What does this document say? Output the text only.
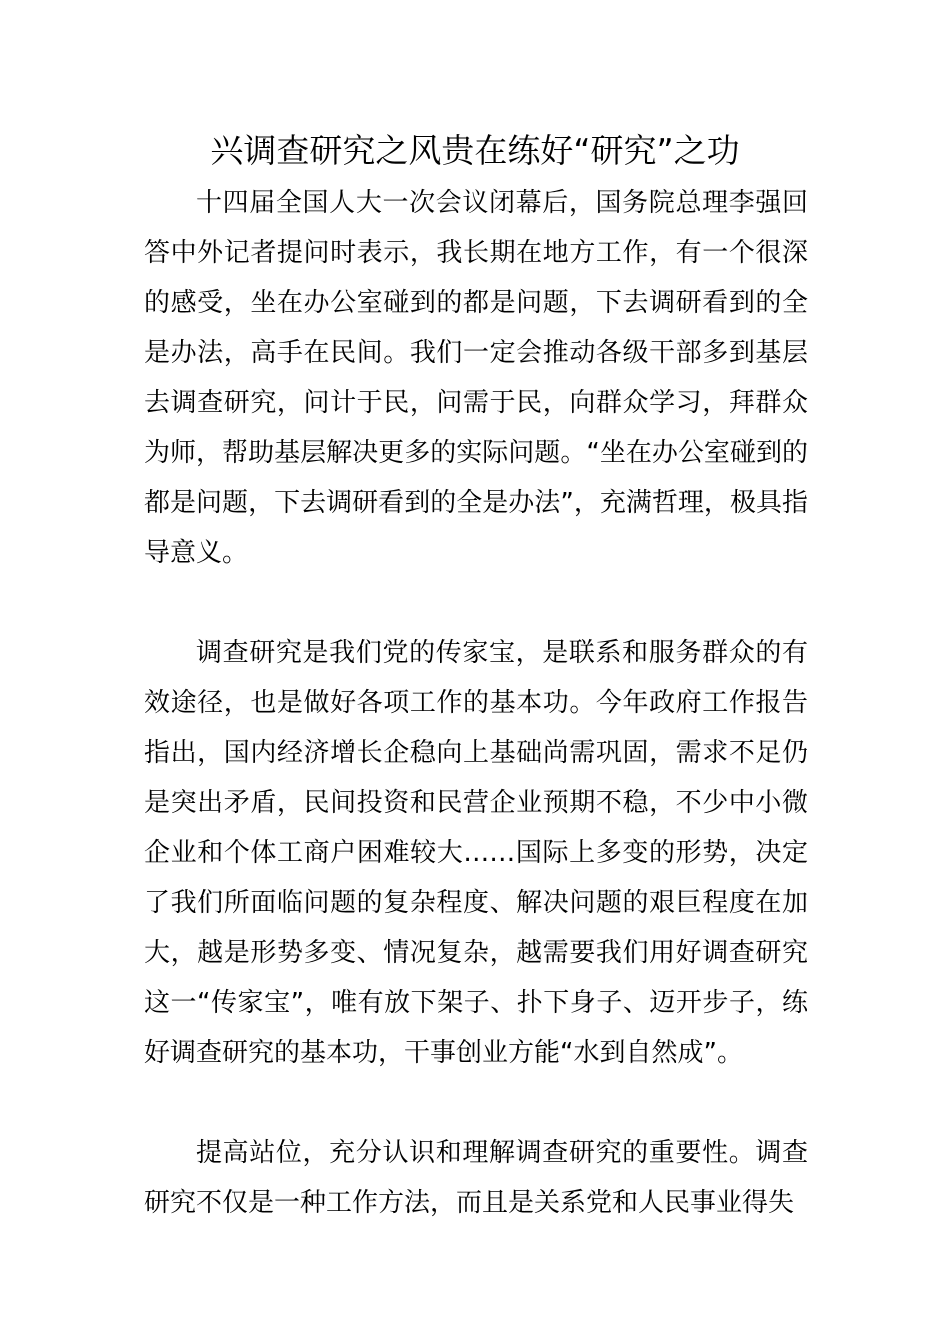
兴调查研究之风贵在练好“研究”之功

十四届全国人大一次会议闭幕后，国务院总理李强回答中外记者提问时表示，我长期在地方工作，有一个很深的感受，坐在办公室碰到的都是问题，下去调研看到的全是办法，高手在民间。我们一定会推动各级干部多到基层去调查研究，问计于民，问需于民，向群众学习，拜群众为师，帮助基层解决更多的实际问题。“坐在办公室碰到的都是问题，下去调研看到的全是办法”，充满哲理，极具指导意义。

调查研究是我们党的传家宝，是联系和服务群众的有效途径，也是做好各项工作的基本功。今年政府工作报告指出，国内经济增长企稳向上基础尚需巩固，需求不足仍是突出矛盾，民间投资和民营企业预期不稳，不少中小微企业和个体工商户困难较大……国际上多变的形势，决定了我们所面临问题的复杂程度、解决问题的艰巨程度在加大，越是形势多变、情况复杂，越需要我们用好调查研究这一“传家宝”，唯有放下架子、扑下身子、迈开步子，练好调查研究的基本功，干事创业方能“水到自然成”。

提高站位，充分认识和理解调查研究的重要性。调查研究不仅是一种工作方法，而且是关系党和人民事业得失
